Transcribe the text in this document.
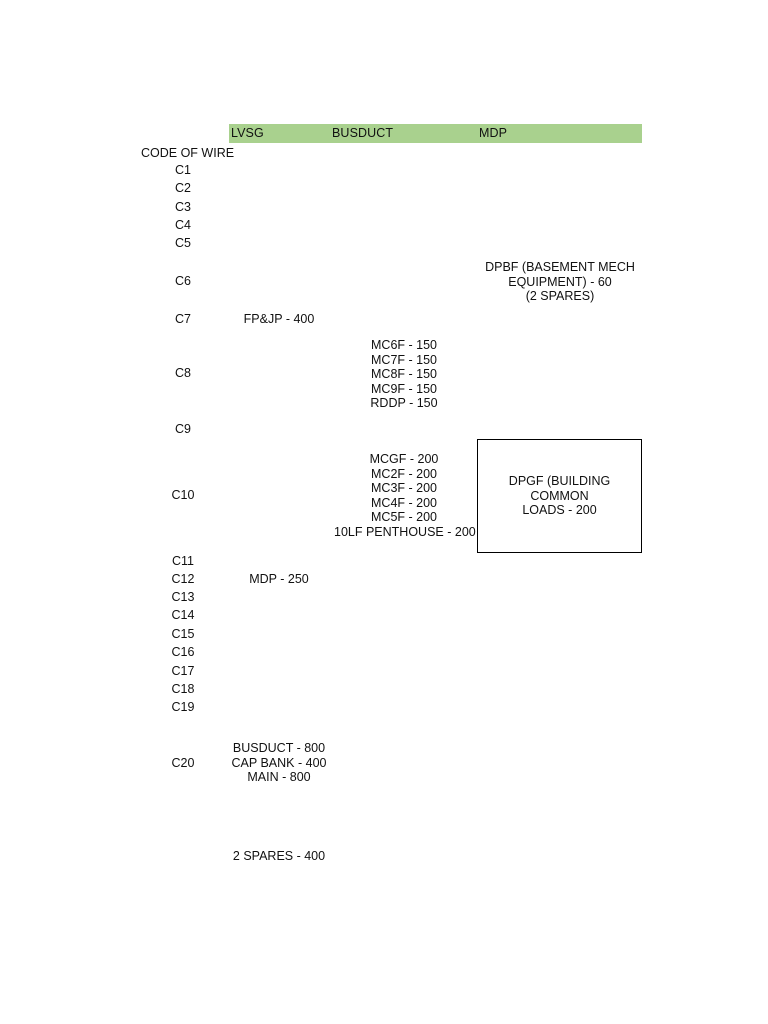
LVSG	BUSDUCT	MDP
CODE OF WIRE
C1
C2
C3
C4
C5
C6
C7
C8
C9
C10
C11
C12
C13
C14
C15
C16
C17
C18
C19
C20
DPBF (BASEMENT MECH
EQUIPMENT) - 60
(2 SPARES)
FP&JP - 400
MC6F - 150
MC7F - 150
MC8F - 150
MC9F - 150
RDDP - 150
MCGF - 200
MC2F - 200
MC3F - 200
MC4F - 200
MC5F - 200
10LF PENTHOUSE - 200
DPGF (BUILDING COMMON
LOADS - 200
MDP - 250
BUSDUCT - 800
CAP BANK - 400
MAIN - 800
2 SPARES - 400
